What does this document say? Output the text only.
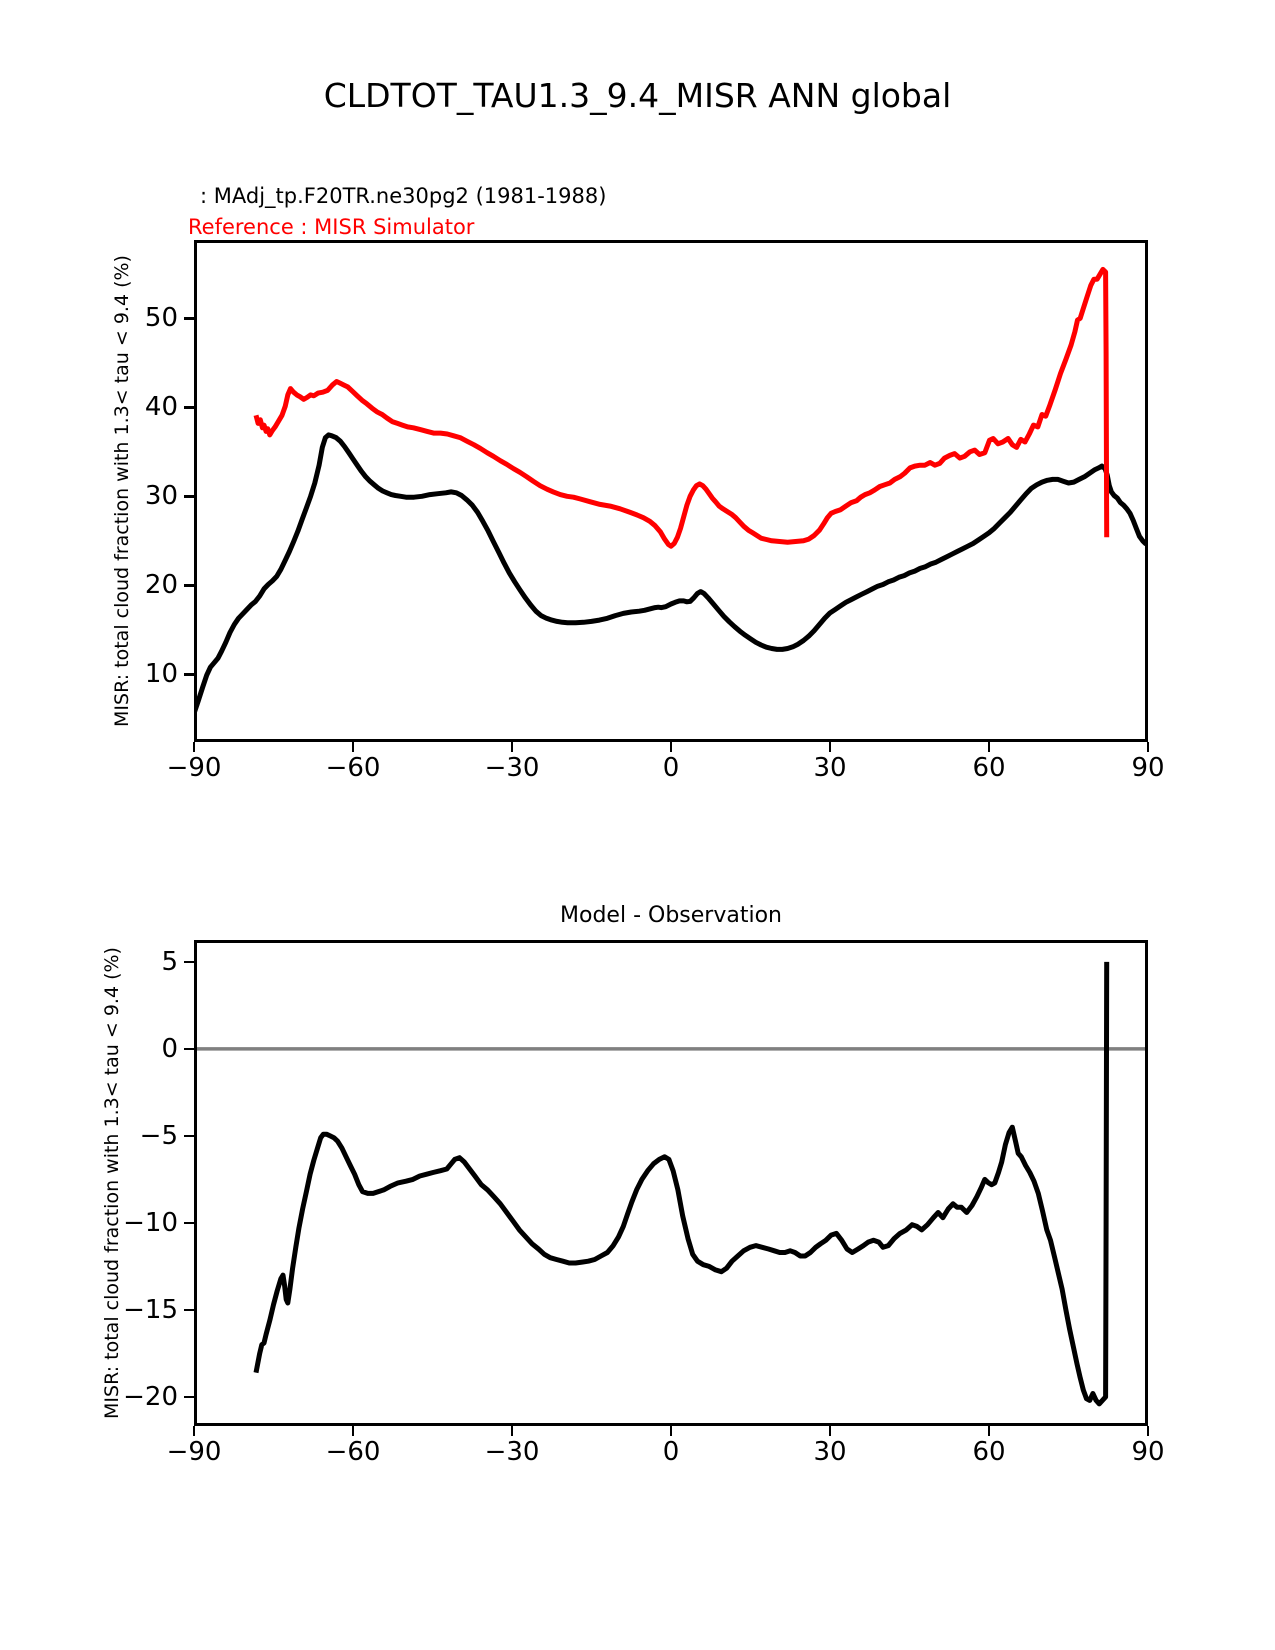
CLDTOT_TAU1.3_9.4_MISR ANN global
: MAdj_tp.F20TR.ne30pg2 (1981-1988)
Reference : MISR Simulator
−90	−60	−30	0	30	60	90
10
20
30
40
50
MISR: total cloud fraction with 1.3< tau < 9.4 (%)
−90	−60	−30	0	30	60	90
5
0
−5
−10
−15
−20
MISR: total cloud fraction with 1.3< tau < 9.4 (%)
Model - Observation
